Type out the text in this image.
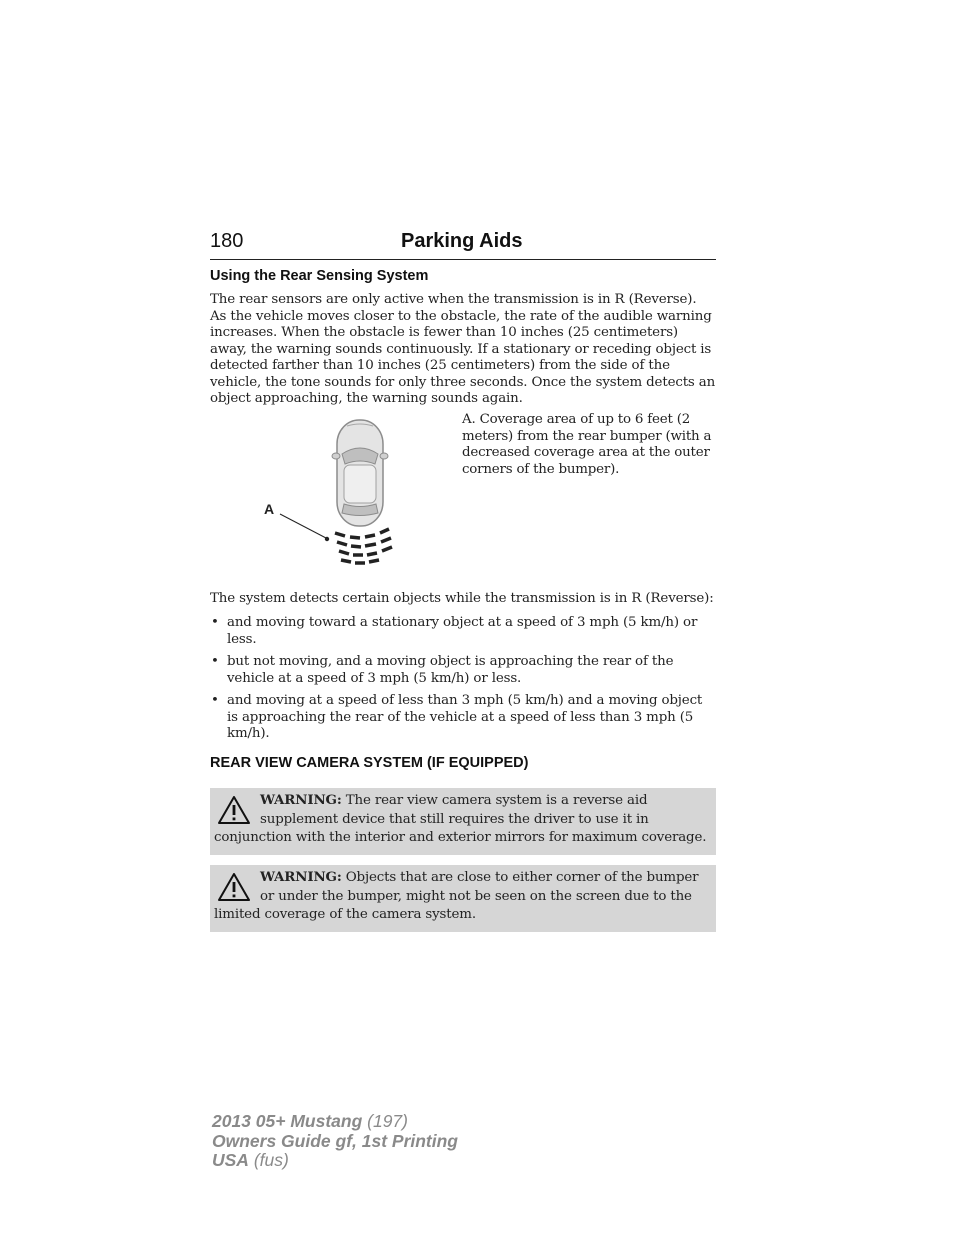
180	Parking Aids
Using the Rear Sensing System
The rear sensors are only active when the transmission is in R (Reverse). As the vehicle moves closer to the obstacle, the rate of the audible warning increases. When the obstacle is fewer than 10 inches (25 centimeters) away, the warning sounds continuously. If a stationary or receding object is detected farther than 10 inches (25 centimeters) from the side of the vehicle, the tone sounds for only three seconds. Once the system detects an object approaching, the warning sounds again.
A
A. Coverage area of up to 6 feet (2 meters) from the rear bumper (with a decreased coverage area at the outer corners of the bumper).
The system detects certain objects while the transmission is in R (Reverse):
• and moving toward a stationary object at a speed of 3 mph (5 km/h) or less.
• but not moving, and a moving object is approaching the rear of the vehicle at a speed of 3 mph (5 km/h) or less.
• and moving at a speed of less than 3 mph (5 km/h) and a moving object is approaching the rear of the vehicle at a speed of less than 3 mph (5 km/h).
REAR VIEW CAMERA SYSTEM (IF EQUIPPED)
WARNING: The rear view camera system is a reverse aid supplement device that still requires the driver to use it in conjunction with the interior and exterior mirrors for maximum coverage.
WARNING: Objects that are close to either corner of the bumper or under the bumper, might not be seen on the screen due to the limited coverage of the camera system.
2013 05+ Mustang (197)
Owners Guide gf, 1st Printing
USA (fus)
